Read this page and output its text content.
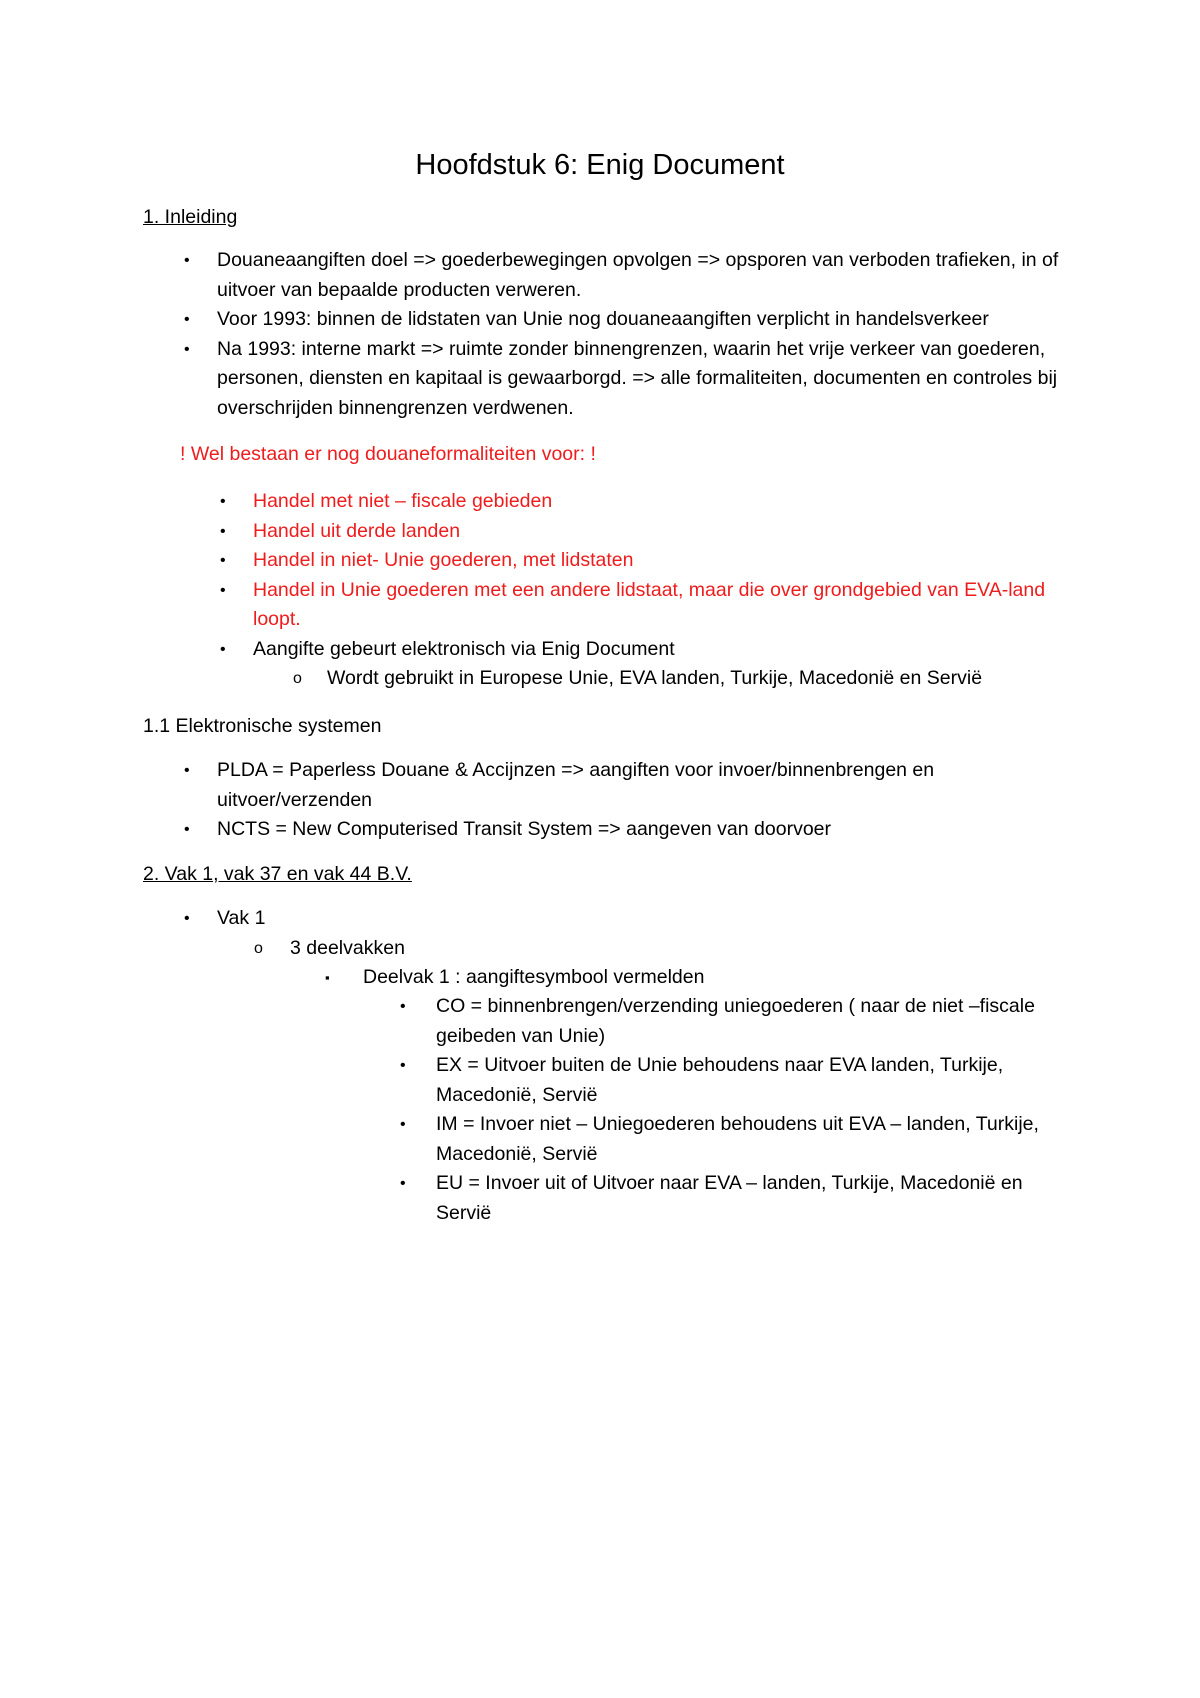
Hoofdstuk 6: Enig Document
1. Inleiding
• Douaneaangiften doel => goederbewegingen opvolgen => opsporen van verboden trafieken, in of uitvoer van bepaalde producten verweren.
• Voor 1993: binnen de lidstaten van Unie nog douaneaangiften verplicht in handelsverkeer
• Na 1993: interne markt => ruimte zonder binnengrenzen, waarin het vrije verkeer van goederen, personen, diensten en kapitaal is gewaarborgd. => alle formaliteiten, documenten en controles bij overschrijden binnengrenzen verdwenen.
! Wel bestaan er nog douaneformaliteiten voor: !
• Handel met niet – fiscale gebieden
• Handel uit derde landen
• Handel in niet- Unie goederen, met lidstaten
• Handel in Unie goederen met een andere lidstaat, maar die over grondgebied van EVA-land loopt.
• Aangifte gebeurt elektronisch via Enig Document
o Wordt gebruikt in Europese Unie, EVA landen, Turkije, Macedonië en Servië
1.1 Elektronische systemen
• PLDA = Paperless Douane & Accijnzen => aangiften voor invoer/binnenbrengen en uitvoer/verzenden
• NCTS = New Computerised Transit System => aangeven van doorvoer
2. Vak 1, vak 37 en vak 44 B.V.
• Vak 1
o 3 deelvakken
▪ Deelvak 1 : aangiftesymbool vermelden
• CO = binnenbrengen/verzending uniegoederen ( naar de niet –fiscale geibeden van Unie)
• EX = Uitvoer buiten de Unie behoudens naar EVA landen, Turkije, Macedonië, Servië
• IM = Invoer niet – Uniegoederen behoudens uit EVA – landen, Turkije, Macedonië, Servië
• EU = Invoer uit of Uitvoer naar EVA – landen, Turkije, Macedonië en Servië
